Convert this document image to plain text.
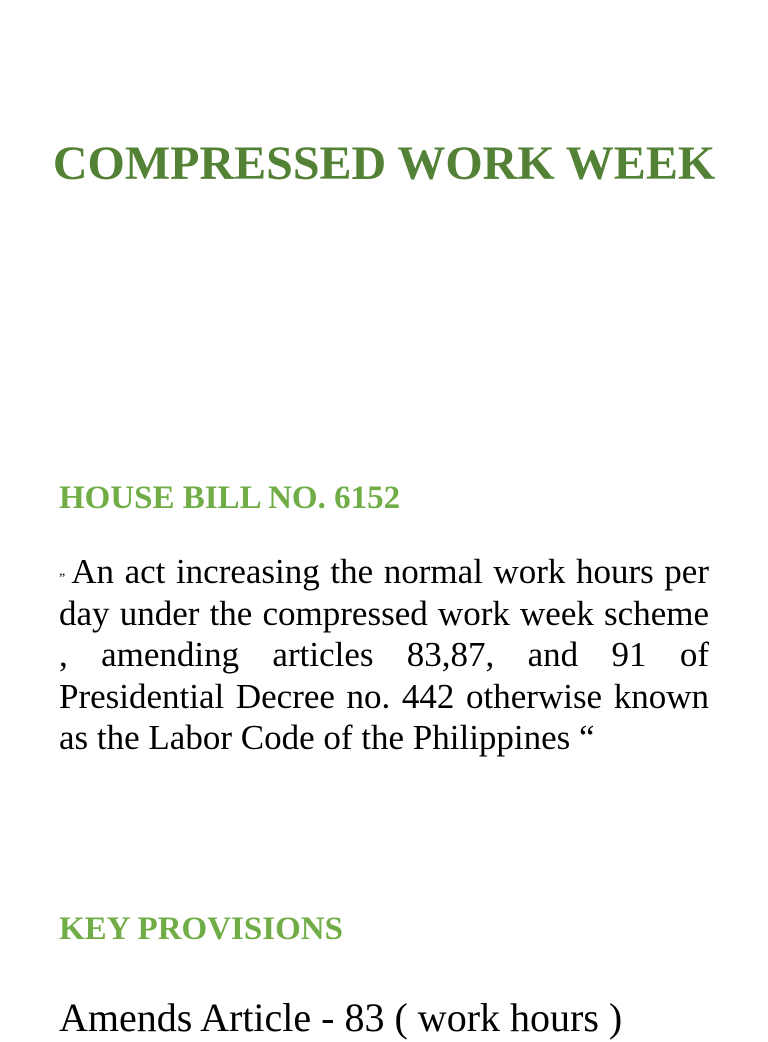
COMPRESSED WORK WEEK
HOUSE BILL NO. 6152

„ An act increasing the normal work hours per day under the compressed work week scheme , amending articles 83,87, and 91 of Presidential Decree no. 442 otherwise known as the Labor Code of the Philippines “

KEY PROVISIONS

Amends Article - 83 ( work hours )
